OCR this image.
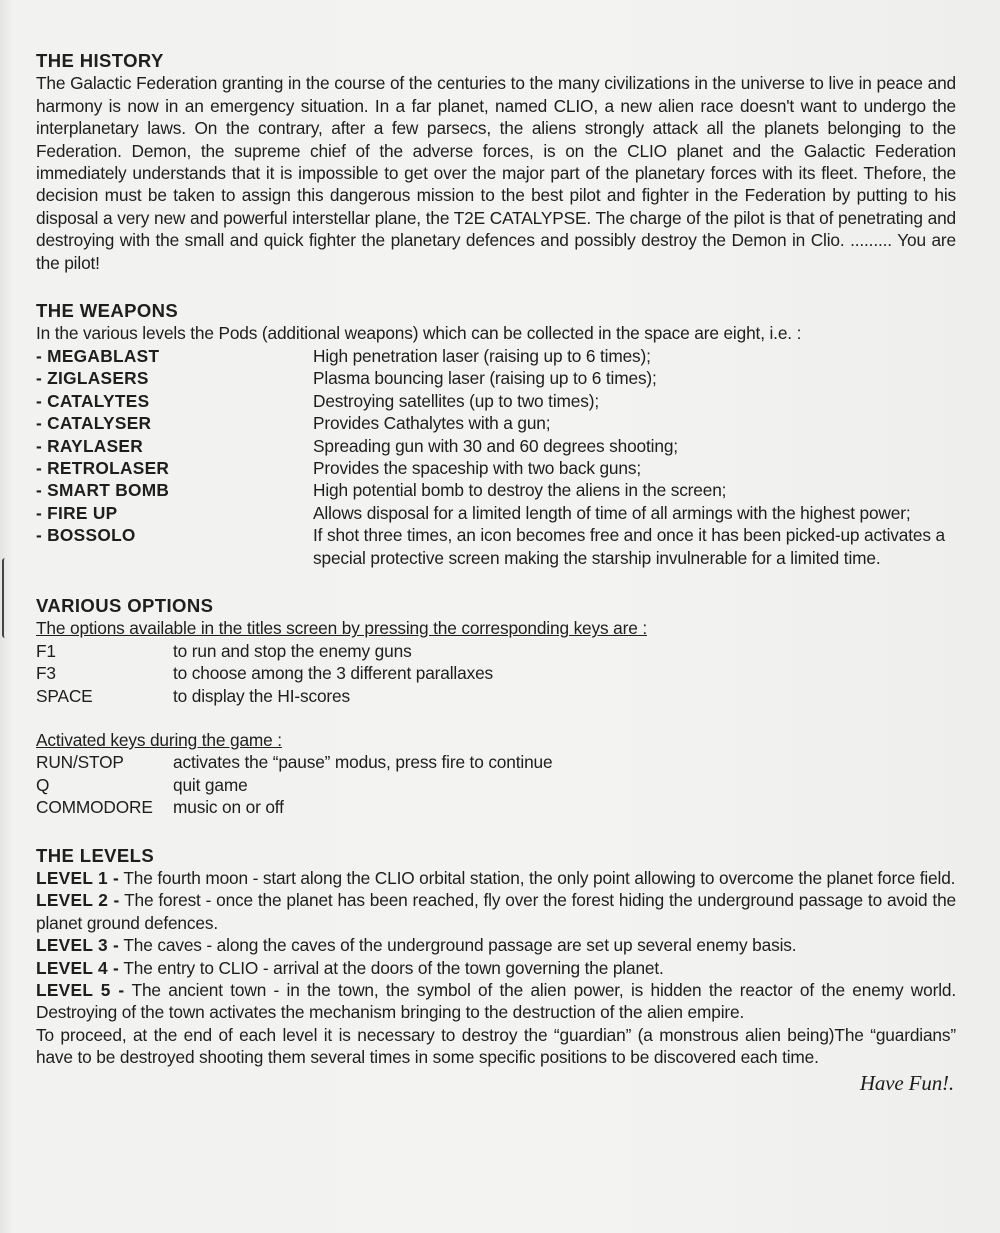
THE HISTORY

The Galactic Federation granting in the course of the centuries to the many civilizations in the universe to live in peace and harmony is now in an emergency situation. In a far planet, named CLIO, a new alien race doesn't want to undergo the interplanetary laws. On the contrary, after a few parsecs, the aliens strongly attack all the planets belonging to the Federation. Demon, the supreme chief of the adverse forces, is on the CLIO planet and the Galactic Federation immediately understands that it is impossible to get over the major part of the planetary forces with its fleet. Thefore, the decision must be taken to assign this dangerous mission to the best pilot and fighter in the Federation by putting to his disposal a very new and powerful interstellar plane, the T2E CATALYPSE. The charge of the pilot is that of penetrating and destroying with the small and quick fighter the planetary defences and possibly destroy the Demon in Clio. ......... You are the pilot!

THE WEAPONS

In the various levels the Pods (additional weapons) which can be collected in the space are eight, i.e. :

- MEGABLAST	High penetration laser (raising up to 6 times);
- ZIGLASERS	Plasma bouncing laser (raising up to 6 times);
- CATALYTES	Destroying satellites (up to two times);
- CATALYSER	Provides Cathalytes with a gun;
- RAYLASER	Spreading gun with 30 and 60 degrees shooting;
- RETROLASER	Provides the spaceship with two back guns;
- SMART BOMB	High potential bomb to destroy the aliens in the screen;
- FIRE UP	Allows disposal for a limited length of time of all armings with the highest power;
- BOSSOLO	If shot three times, an icon becomes free and once it has been picked-up activates a special protective screen making the starship invulnerable for a limited time.
VARIOUS OPTIONS
The options available in the titles screen by pressing the corresponding keys are :
F1	to run and stop the enemy guns
F3	to choose among the 3 different parallaxes
SPACE	to display the HI-scores
Activated keys during the game :
RUN/STOP	activates the “pause” modus, press fire to continue
Q	quit game
COMMODORE	music on or off
THE LEVELS

LEVEL 1 - The fourth moon - start along the CLIO orbital station, the only point allowing to overcome the planet force field.

LEVEL 2 - The forest - once the planet has been reached, fly over the forest hiding the underground passage to avoid the planet ground defences.

LEVEL 3 - The caves - along the caves of the underground passage are set up several enemy basis.

LEVEL 4 - The entry to CLIO - arrival at the doors of the town governing the planet.

LEVEL 5 - The ancient town - in the town, the symbol of the alien power, is hidden the reactor of the enemy world. Destroying of the town activates the mechanism bringing to the destruction of the alien empire.

To proceed, at the end of each level it is necessary to destroy the “guardian” (a monstrous alien being)The “guardians” have to be destroyed shooting them several times in some specific positions to be discovered each time.

Have Fun!.
